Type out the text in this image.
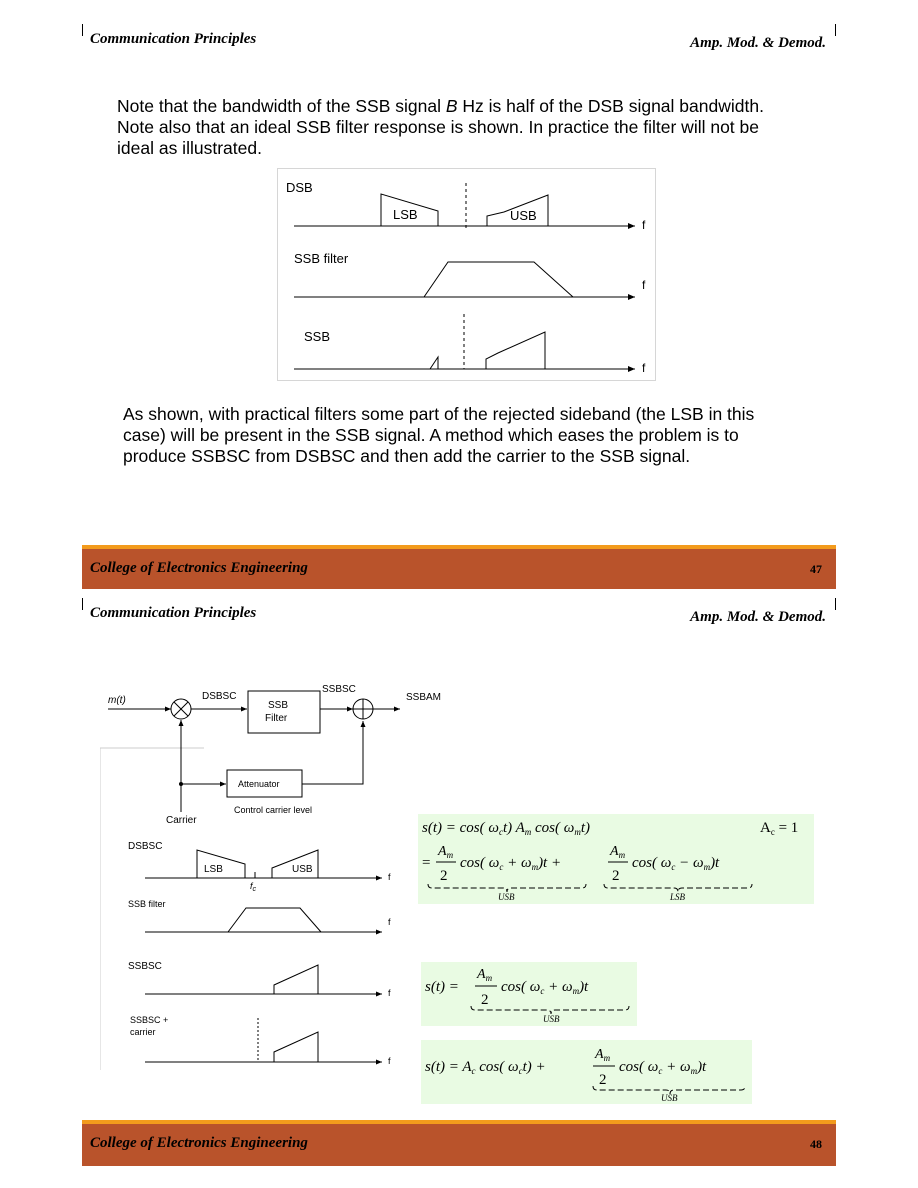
Communication Principles	Amp. Mod. & Demod.
Note that the bandwidth of the SSB signal B Hz is half of the DSB signal bandwidth.
Note also that an ideal SSB filter response is shown. In practice the filter will not be
ideal as illustrated.
DSB
f
LSB	USB
SSB filter
f
SSB
f
As shown, with practical filters some part of the rejected sideband (the LSB in this
case) will be present in the SSB signal. A method which eases the problem is to
produce SSBSC from DSBSC and then add the carrier to the SSB signal.
College of Electronics Engineering	47
Communication Principles	Amp. Mod. & Demod.
m(t)	DSBSC
SSB
Filter
SSBSC
SSBAM
Attenuator
Control carrier level
Carrier
DSBSC
f
LSB
$f_c$
USB
SSB filter
f
SSBSC
f
SSBSC +
carrier
f
s(t) = cos( $\omega_ct$) $A_m$ cos( $\omega_mt$)	$A_c = 1$
=
$A_m$
2
cos( $\omega_c + \omega_m)t$ +
$A_m$
2
cos( $\omega_c - \omega_m)t$
USB	LSB
s(t) =
$A_m$
2
cos( $\omega_c + \omega_m)t$
USB
$s(t) = A_c$ cos( $\omega_ct$) +
$A_m$
2
cos( $\omega_c + \omega_m)t$
USB
College of Electronics Engineering	48
